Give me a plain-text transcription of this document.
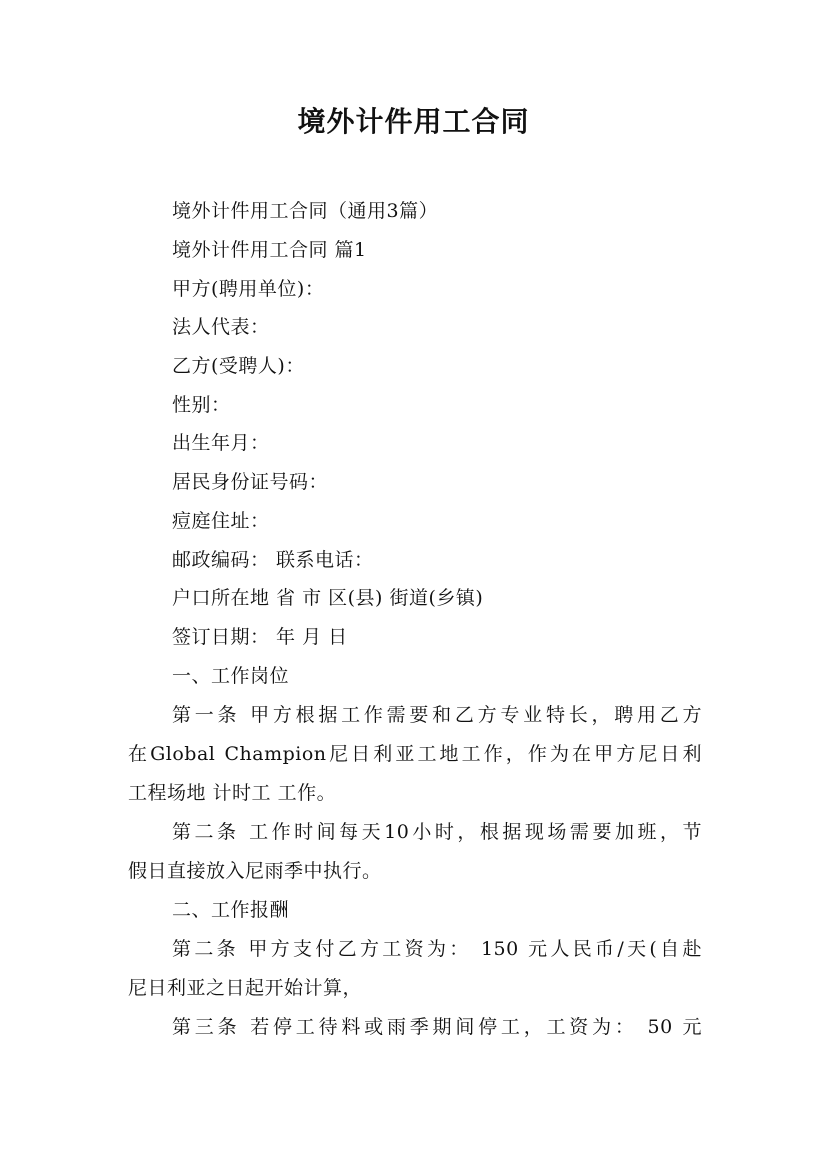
境外计件用工合同
境外计件用工合同（通用3篇）
境外计件用工合同 篇1
甲方(聘用单位)：
法人代表：
乙方(受聘人)：
性别：
出生年月：
居民身份证号码：
痘庭住址：
邮政编码： 联系电话：
户口所在地 省 市 区(县) 街道(乡镇)
签订日期： 年 月 日
一、工作岗位
第一条 甲方根据工作需要和乙方专业特长，聘用乙方
在Global Champion尼日利亚工地工作，作为在甲方尼日利
工程场地 计时工 工作。
第二条 工作时间每天10小时，根据现场需要加班，节
假日直接放入尼雨季中执行。
二、工作报酬
第二条 甲方支付乙方工资为： 150 元人民币/天(自赴
尼日利亚之日起开始计算，
第三条 若停工待料或雨季期间停工，工资为： 50 元
